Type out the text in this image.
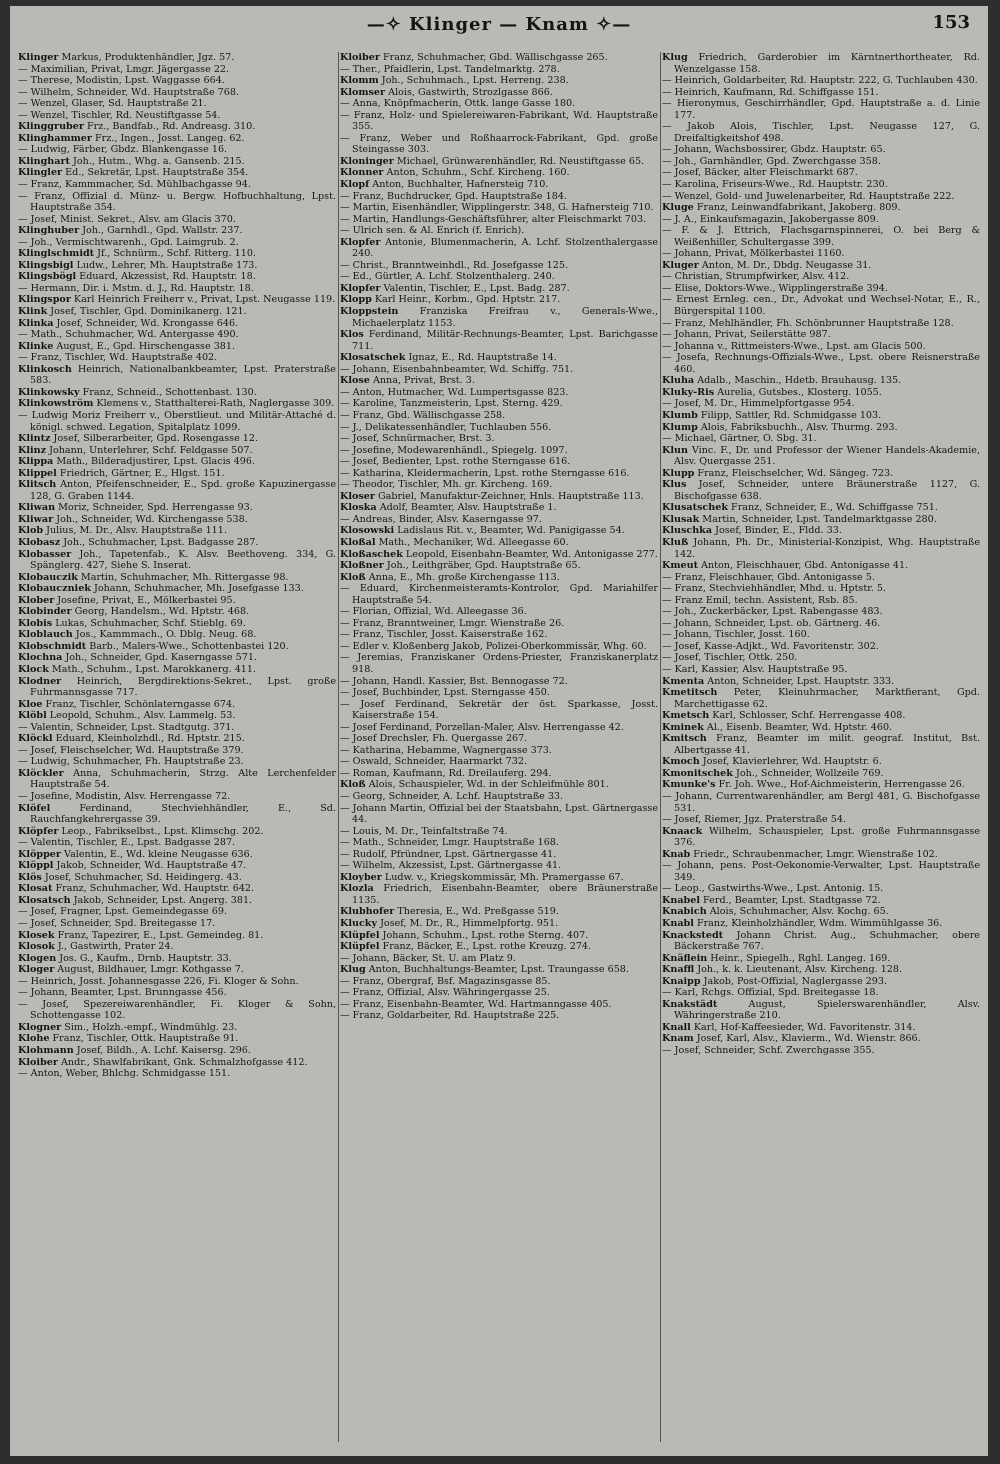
—✧ Klinger — Knam ✧—	153
Klinger Markus, Produktenhändler, Jgz. 57.
— Maximilian, Privat, Lmgr. Jägergasse 22.
— Therese, Modistin, Lpst. Waggasse 664.
— Wilhelm, Schneider, Wd. Hauptstraße 768.
— Wenzel, Glaser, Sd. Hauptstraße 21.
— Wenzel, Tischler, Rd. Neustiftgasse 54.
Klinggruber Frz., Bandfab., Rd. Andreasg. 310.
Klinghammer Frz., Ingen., Josst. Langeg. 62.
— Ludwig, Färber, Gbdz. Blankengasse 16.
Klinghart Joh., Hutm., Whg. a. Gansenb. 215.
Klingler Ed., Sekretär, Lpst. Hauptstraße 354.
— Franz, Kammmacher, Sd. Mühlbachgasse 94.
— Franz, Offizial d. Münz- u. Bergw. Hofbuchhaltung, Lpst. Hauptstraße 354.
— Josef, Minist. Sekret., Alsv. am Glacis 370.
Klinghuber Joh., Garnhdl., Gpd. Wallstr. 237.
— Joh., Vermischtwarenh., Gpd. Laimgrub. 2.
Klinglschmidt Jf., Schnürm., Schf. Ritterg. 110.
Klingsbigl Ludw., Lehrer, Mh. Hauptstraße 173.
Klingsbögl Eduard, Akzessist, Rd. Hauptstr. 18.
— Hermann, Dir. i. Mstm. d. J., Rd. Hauptstr. 18.
Klingspor Karl Heinrich Freiherr v., Privat, Lpst. Neugasse 119.
Klink Josef, Tischler, Gpd. Dominikanerg. 121.
Klinka Josef, Schneider, Wd. Krongasse 646.
— Math., Schuhmacher, Wd. Antergasse 490.
Klinke August, E., Gpd. Hirschengasse 381.
— Franz, Tischler, Wd. Hauptstraße 402.
Klinkosch Heinrich, Nationalbankbeamter, Lpst. Praterstraße 583.
Klinkowsky Franz, Schneid., Schottenbast. 130.
Klinkowström Klemens v., Statthalterei-Rath, Naglergasse 309.
— Ludwig Moriz Freiherr v., Oberstlieut. und Militär-Attaché d. königl. schwed. Legation, Spitalplatz 1099.
Klintz Josef, Silberarbeiter, Gpd. Rosengasse 12.
Klinz Johann, Unterlehrer, Schf. Feldgasse 507.
Klippa Math., Bilderadjustirer, Lpst. Glacis 496.
Klippel Friedrich, Gärtner, E., Hlgst. 151.
Klitsch Anton, Pfeifenschneider, E., Spd. große Kapuzinergasse 128, G. Graben 1144.
Kliwan Moriz, Schneider, Spd. Herrengasse 93.
Kliwar Joh., Schneider, Wd. Kirchengasse 538.
Klob Julius, M. Dr., Alsv. Hauptstraße 111.
Klobasz Joh., Schuhmacher, Lpst. Badgasse 287.
Klobasser Joh., Tapetenfab., K. Alsv. Beethoveng. 334, G. Spänglerg. 427, Siehe S. Inserat.
Klobauczik Martin, Schuhmacher, Mh. Rittergasse 98.
Klobauczniek Johann, Schuhmacher, Mh. Josefgasse 133.
Klober Josefine, Privat, E., Mölkerbastei 95.
Klobinder Georg, Handelsm., Wd. Hptstr. 468.
Klobis Lukas, Schuhmacher, Schf. Stieblg. 69.
Kloblauch Jos., Kammmach., O. Dblg. Neug. 68.
Klobschmidt Barb., Malers-Wwe., Schottenbastei 120.
Klochna Joh., Schneider, Gpd. Kaserngasse 571.
Klock Math., Schuhm., Lpst. Marokkanerg. 411.
Klodner Heinrich, Bergdirektions-Sekret., Lpst. große Fuhrmannsgasse 717.
Kloe Franz, Tischler, Schönlaterngasse 674.
Klöbl Leopold, Schuhm., Alsv. Lammelg. 53.
— Valentin, Schneider, Lpst. Stadtgutg. 371.
Klöckl Eduard, Kleinholzhdl., Rd. Hptstr. 215.
— Josef, Fleischselcher, Wd. Hauptstraße 379.
— Ludwig, Schuhmacher, Fh. Hauptstraße 23.
Klöckler Anna, Schuhmacherin, Strzg. Alte Lerchenfelder Hauptstraße 54.
— Josefine, Modistin, Alsv. Herrengasse 72.
Klöfel Ferdinand, Stechviehhändler, E., Sd. Rauchfangkehrergasse 39.
Klöpfer Leop., Fabrikselbst., Lpst. Klimschg. 202.
— Valentin, Tischler, E., Lpst. Badgasse 287.
Klöpper Valentin, E., Wd. kleine Neugasse 636.
Klöppl Jakob, Schneider, Wd. Hauptstraße 47.
Klös Josef, Schuhmacher, Sd. Heidingerg. 43.
Klosat Franz, Schuhmacher, Wd. Hauptstr. 642.
Klosatsch Jakob, Schneider, Lpst. Angerg. 381.
— Josef, Fragner, Lpst. Gemeindegasse 69.
— Josef, Schneider, Spd. Breitegasse 17.
Klosek Franz, Tapezirer, E., Lpst. Gemeindeg. 81.
Klosok J., Gastwirth, Prater 24.
Klogen Jos. G., Kaufm., Drnb. Hauptstr. 33.
Kloger August, Bildhauer, Lmgr. Kothgasse 7.
— Heinrich, Josst. Johannesgasse 226, Fi. Kloger & Sohn.
— Johann, Beamter, Lpst. Brunngasse 456.
— Josef, Spezereiwarenhändler, Fi. Kloger & Sohn, Schottengasse 102.
Klogner Sim., Holzh.-empf., Windmühlg. 23.
Klohe Franz, Tischler, Ottk. Hauptstraße 91.
Klohmann Josef, Bildh., A. Lchf. Kaisersg. 296.
Kloiber Andr., Shawlfabrikant, Gnk. Schmalzhofgasse 412.
— Anton, Weber, Bhlchg. Schmidgasse 151.
Kloiber Franz, Schuhmacher, Gbd. Wällischgasse 265.
— Ther., Pfaidlerin, Lpst. Tandelmarktg. 278.
Klomm Joh., Schuhmach., Lpst. Herreng. 238.
Klomser Alois, Gastwirth, Strozlgasse 866.
— Anna, Knöpfmacherin, Ottk. lange Gasse 180.
— Franz, Holz- und Spielereiwaren-Fabrikant, Wd. Hauptstraße 355.
— Franz, Weber und Roßhaarrock-Fabrikant, Gpd. große Steingasse 303.
Kloninger Michael, Grünwarenhändler, Rd. Neustiftgasse 65.
Klonner Anton, Schuhm., Schf. Kircheng. 160.
Klopf Anton, Buchhalter, Hafnersteig 710.
— Franz, Buchdrucker, Gpd. Hauptstraße 184.
— Martin, Eisenhändler, Wipplingerstr. 348, G. Hafnersteig 710.
— Martin, Handlungs-Geschäftsführer, alter Fleischmarkt 703.
— Ulrich sen. & Al. Enrich (f. Enrich).
Klopfer Antonie, Blumenmacherin, A. Lchf. Stolzenthalergasse 240.
— Christ., Branntweinhdl., Rd. Josefgasse 125.
— Ed., Gürtler, A. Lchf. Stolzenthalerg. 240.
Klopfer Valentin, Tischler, E., Lpst. Badg. 287.
Klopp Karl Heinr., Korbm., Gpd. Hptstr. 217.
Kloppstein Franziska Freifrau v., Generals-Wwe., Michaelerplatz 1153.
Klos Ferdinand, Militär-Rechnungs-Beamter, Lpst. Barichgasse 711.
Klosatschek Ignaz, E., Rd. Hauptstraße 14.
— Johann, Eisenbahnbeamter, Wd. Schiffg. 751.
Klose Anna, Privat, Brst. 3.
— Anton, Hutmacher, Wd. Lumpertsgasse 823.
— Karoline, Tanzmeisterin, Lpst. Sterng. 429.
— Franz, Gbd. Wällischgasse 258.
— J., Delikatessenhändler, Tuchlauben 556.
— Josef, Schnürmacher, Brst. 3.
— Josefine, Modewarenhändl., Spiegelg. 1097.
— Josef, Bedienter, Lpst. rothe Sterngasse 616.
— Katharina, Kleidermacherin, Lpst. rothe Sterngasse 616.
— Theodor, Tischler, Mh. gr. Kircheng. 169.
Kloser Gabriel, Manufaktur-Zeichner, Hnls. Hauptstraße 113.
Kloska Adolf, Beamter, Alsv. Hauptstraße 1.
— Andreas, Binder, Alsv. Kaserngasse 97.
Klosowski Ladislaus Rit. v., Beamter, Wd. Panigigasse 54.
Kloßal Math., Mechaniker, Wd. Alleegasse 60.
Kloßaschek Leopold, Eisenbahn-Beamter, Wd. Antonigasse 277.
Kloßner Joh., Leithgräber, Gpd. Hauptstraße 65.
Kloß Anna, E., Mh. große Kirchengasse 113.
— Eduard, Kirchenmeisteramts-Kontrolor, Gpd. Mariahilfer Hauptstraße 54.
— Florian, Offizial, Wd. Alleegasse 36.
— Franz, Branntweiner, Lmgr. Wienstraße 26.
— Franz, Tischler, Josst. Kaiserstraße 162.
— Edler v. Kloßenberg Jakob, Polizei-Oberkommissär, Whg. 60.
— Jeremias, Franziskaner Ordens-Priester, Franziskanerplatz 918.
— Johann, Handl. Kassier, Bst. Bennogasse 72.
— Josef, Buchbinder, Lpst. Sterngasse 450.
— Josef Ferdinand, Sekretär der öst. Sparkasse, Josst. Kaiserstraße 154.
— Josef Ferdinand, Porzellan-Maler, Alsv. Herrengasse 42.
— Josef Drechsler, Fh. Quergasse 267.
— Katharina, Hebamme, Wagnergasse 373.
— Oswald, Schneider, Haarmarkt 732.
— Roman, Kaufmann, Rd. Dreilauferg. 294.
Kloß Alois, Schauspieler, Wd. in der Schleifmühle 801.
— Georg, Schneider, A. Lchf. Hauptstraße 33.
— Johann Martin, Offizial bei der Staatsbahn, Lpst. Gärtnergasse 44.
— Louis, M. Dr., Teinfaltstraße 74.
— Math., Schneider, Lmgr. Hauptstraße 168.
— Rudolf, Pfründner, Lpst. Gärtnergasse 41.
— Wilhelm, Akzessist, Lpst. Gärtnergasse 41.
Kloyber Ludw. v., Kriegskommissär, Mh. Pramergasse 67.
Klozla Friedrich, Eisenbahn-Beamter, obere Bräunerstraße 1135.
Klubhofer Theresia, E., Wd. Preßgasse 519.
Klucky Josef, M. Dr., R., Himmelpfortg. 951.
Klüpfel Johann, Schuhm., Lpst. rothe Sterng. 407.
Klüpfel Franz, Bäcker, E., Lpst. rothe Kreuzg. 274.
— Johann, Bäcker, St. U. am Platz 9.
Klug Anton, Buchhaltungs-Beamter, Lpst. Traungasse 658.
— Franz, Obergraf, Bsf. Magazinsgasse 85.
— Franz, Offizial, Alsv. Währingergasse 25.
— Franz, Eisenbahn-Beamter, Wd. Hartmanngasse 405.
— Franz, Goldarbeiter, Rd. Hauptstraße 225.
Klug Friedrich, Garderobier im Kärntnerthortheater, Rd. Wenzelgasse 158.
— Heinrich, Goldarbeiter, Rd. Hauptstr. 222, G. Tuchlauben 430.
— Heinrich, Kaufmann, Rd. Schiffgasse 151.
— Hieronymus, Geschirrhändler, Gpd. Hauptstraße a. d. Linie 177.
— Jakob Alois, Tischler, Lpst. Neugasse 127, G. Dreifaltigkeitshof 498.
— Johann, Wachsbossirer, Gbdz. Hauptstr. 65.
— Joh., Garnhändler, Gpd. Zwerchgasse 358.
— Josef, Bäcker, alter Fleischmarkt 687.
— Karolina, Friseurs-Wwe., Rd. Hauptstr. 230.
— Wenzel, Gold- und Juwelenarbeiter, Rd. Hauptstraße 222.
Kluge Franz, Leinwandfabrikant, Jakoberg. 809.
— J. A., Einkaufsmagazin, Jakobergasse 809.
— F. & J. Ettrich, Flachsgarnspinnerei, O. bei Berg & Weißenhiller, Schultergasse 399.
— Johann, Privat, Mölkerbastei 1160.
Kluger Anton, M. Dr., Dbdg. Neugasse 31.
— Christian, Strumpfwirker, Alsv. 412.
— Elise, Doktors-Wwe., Wipplingerstraße 394.
— Ernest Ernleg. cen., Dr., Advokat und Wechsel-Notar, E., R., Bürgerspital 1100.
— Franz, Mehlhändler, Fh. Schönbrunner Hauptstraße 128.
— Johann, Privat, Seilerstätte 987.
— Johanna v., Rittmeisters-Wwe., Lpst. am Glacis 500.
— Josefa, Rechnungs-Offizials-Wwe., Lpst. obere Reisnerstraße 460.
Kluha Adalb., Maschin., Hdetb. Brauhausg. 135.
Kluky-Ris Aurelia, Gutsbes., Klosterg. 1055.
— Josef, M. Dr., Himmelpfortgasse 954.
Klumb Filipp, Sattler, Rd. Schmidgasse 103.
Klump Alois, Fabriksbuchh., Alsv. Thurmg. 293.
— Michael, Gärtner, O. Sbg. 31.
Klun Vinc. F., Dr. und Professor der Wiener Handels-Akademie, Alsv. Quergasse 251.
Klupp Franz, Fleischselcher, Wd. Sängeg. 723.
Klus Josef, Schneider, untere Bräunerstraße 1127, G. Bischofgasse 638.
Klusatschek Franz, Schneider, E., Wd. Schiffgasse 751.
Klusak Martin, Schneider, Lpst. Tandelmarktgasse 280.
Kluschka Josef, Binder, E., Fldd. 33.
Kluß Johann, Ph. Dr., Ministerial-Konzipist, Whg. Hauptstraße 142.
Kmeut Anton, Fleischhauer, Gbd. Antonigasse 41.
— Franz, Fleischhauer, Gbd. Antonigasse 5.
— Franz, Stechviehhändler, Mhd. u. Hptstr. 5.
— Franz Emil, techn. Assistent, Rsb. 85.
— Joh., Zuckerbäcker, Lpst. Rabengasse 483.
— Johann, Schneider, Lpst. ob. Gärtnerg. 46.
— Johann, Tischler, Josst. 160.
— Josef, Kasse-Adjkt., Wd. Favoritenstr. 302.
— Josef, Tischler, Ottk. 250.
— Karl, Kassier, Alsv. Hauptstraße 95.
Kmenta Anton, Schneider, Lpst. Hauptstr. 333.
Kmetitsch Peter, Kleinuhrmacher, Marktfierant, Gpd. Marchettigasse 62.
Kmetsch Karl, Schlosser, Schf. Herrengasse 408.
Kminek Al., Eisenb. Beamter, Wd. Hptstr. 460.
Kmitsch Franz, Beamter im milit. geograf. Institut, Bst. Albertgasse 41.
Kmoch Josef, Klavierlehrer, Wd. Hauptstr. 6.
Kmonitschek Joh., Schneider, Wollzeile 769.
Kmunke's Fr. Joh. Wwe., Hof-Aichmeisterin, Herrengasse 26.
— Johann, Currentwarenhändler, am Bergl 481, G. Bischofgasse 531.
— Josef, Riemer, Jgz. Praterstraße 54.
Knaack Wilhelm, Schauspieler, Lpst. große Fuhrmannsgasse 376.
Knab Friedr., Schraubenmacher, Lmgr. Wienstraße 102.
— Johann, pens. Post-Oekonomie-Verwalter, Lpst. Hauptstraße 349.
— Leop., Gastwirths-Wwe., Lpst. Antonig. 15.
Knabel Ferd., Beamter, Lpst. Stadtgasse 72.
Knabich Alois, Schuhmacher, Alsv. Kochg. 65.
Knabl Franz, Kleinholzhändler, Wdm. Wimmühlgasse 36.
Knackstedt Johann Christ. Aug., Schuhmacher, obere Bäckerstraße 767.
Knäflein Heinr., Spiegelh., Rghl. Langeg. 169.
Knaffl Joh., k. k. Lieutenant, Alsv. Kircheng. 128.
Knaipp Jakob, Post-Offizial, Naglergasse 293.
— Karl, Rchgs. Offizial, Spd. Breitegasse 18.
Knakstädt August, Spielerswarenhändler, Alsv. Währingerstraße 210.
Knall Karl, Hof-Kaffeesieder, Wd. Favoritenstr. 314.
Knam Josef, Karl, Alsv., Klavierm., Wd. Wienstr. 866.
— Josef, Schneider, Schf. Zwerchgasse 355.
